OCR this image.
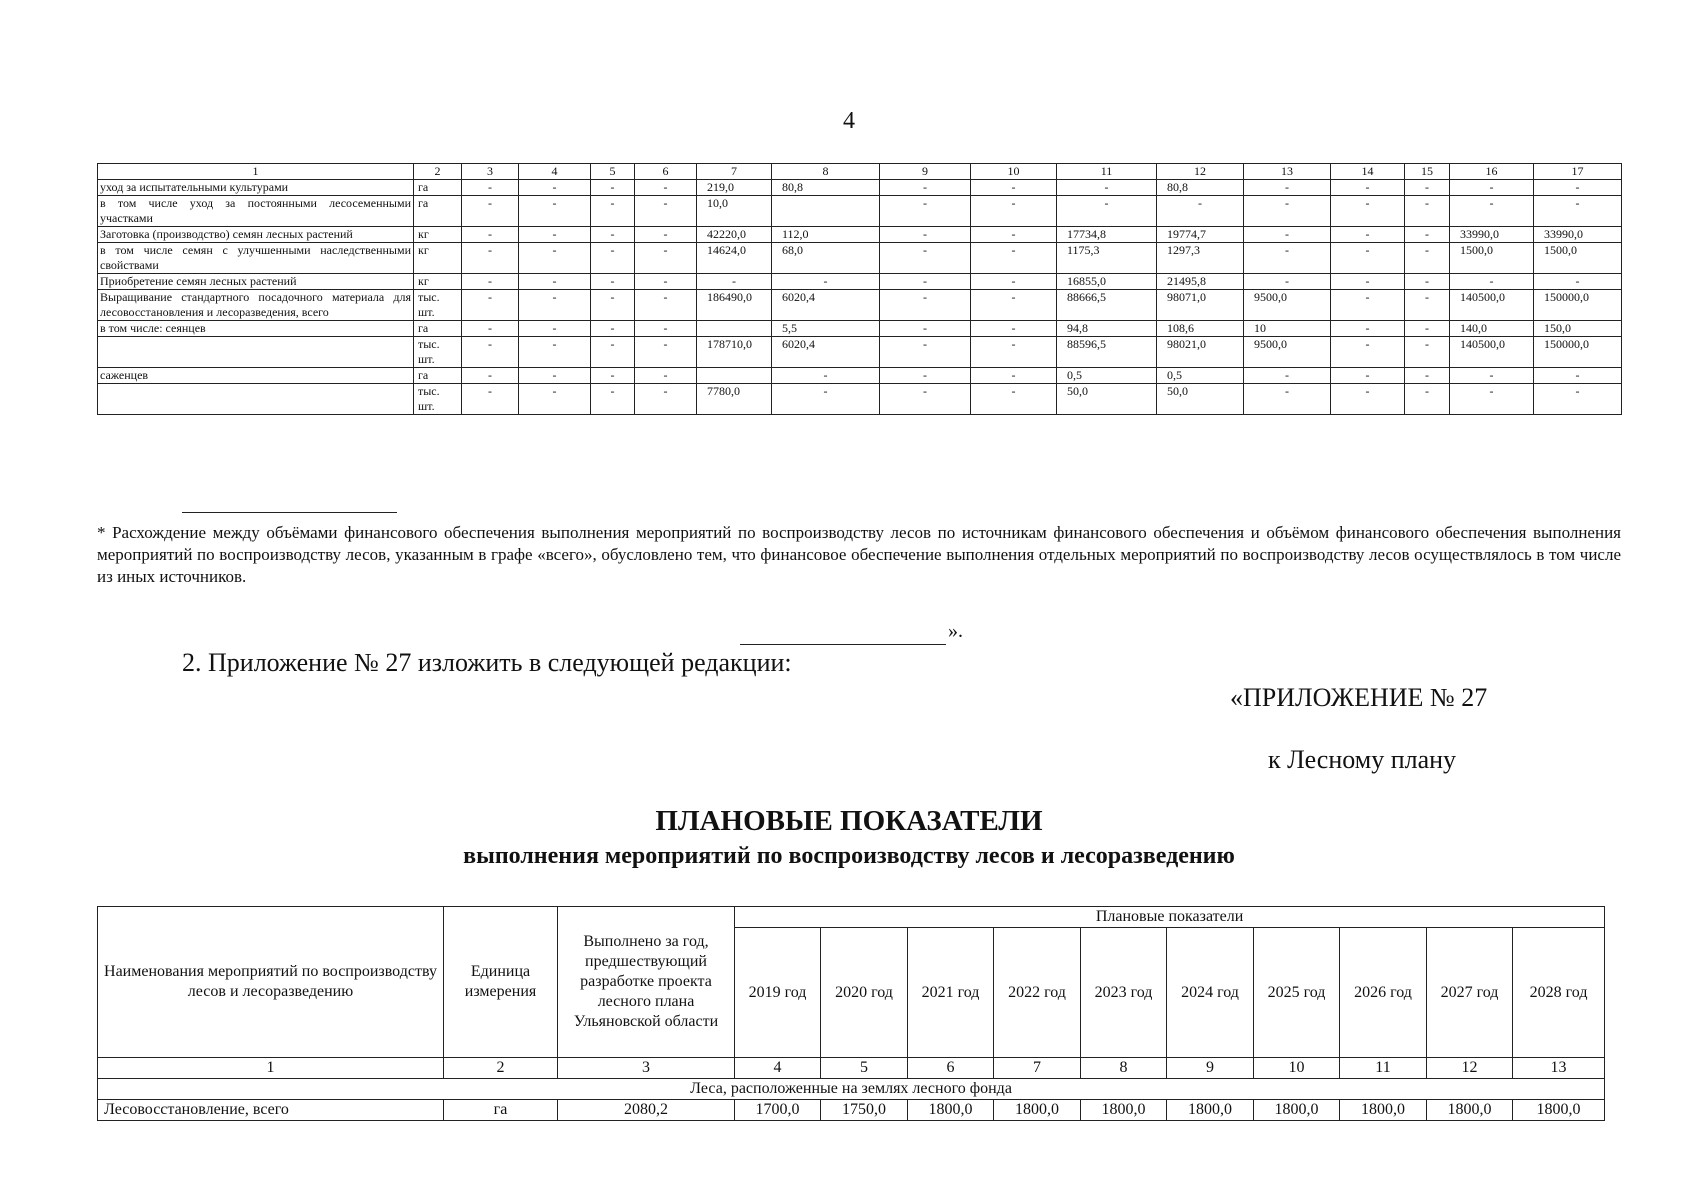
4
1	2	3	4	5	6	7	8	9	10	11	12	13	14	15	16	17
уход за испытательными культурами	га	-	-	-	-	219,0	80,8	-	-	-	80,8	-	-	-	-	-
в том числе уход за постоянными лесосеменными участками	га	-	-	-	-	10,0		-	-	-	-	-	-	-	-	-
Заготовка (производство) семян лесных растений	кг	-	-	-	-	42220,0	112,0	-	-	17734,8	19774,7	-	-	-	33990,0	33990,0
в том числе семян с улучшенными наследственными свойствами	кг	-	-	-	-	14624,0	68,0	-	-	1175,3	1297,3	-	-	-	1500,0	1500,0
Приобретение семян лесных растений	кг	-	-	-	-	-	-	-	-	16855,0	21495,8	-	-	-	-	-
Выращивание стандартного посадочного материала для лесовосстановления и лесоразведения, всего	тыс. шт.	-	-	-	-	186490,0	6020,4	-	-	88666,5	98071,0	9500,0	-	-	140500,0	150000,0
в том числе: сеянцев	га	-	-	-	-		5,5	-	-	94,8	108,6	10	-	-	140,0	150,0
	тыс. шт.	-	-	-	-	178710,0	6020,4	-	-	88596,5	98021,0	9500,0	-	-	140500,0	150000,0
саженцев	га	-	-	-	-		-	-	-	0,5	0,5	-	-	-	-	-
	тыс. шт.	-	-	-	-	7780,0	-	-	-	50,0	50,0	-	-	-	-	-
* Расхождение между объёмами финансового обеспечения выполнения мероприятий по воспроизводству лесов по источникам финансового обеспечения и объёмом финансового обеспечения выполнения мероприятий по воспроизводству лесов, указанным в графе «всего», обусловлено тем, что финансовое обеспечение выполнения отдельных мероприятий по воспроизводству лесов осуществлялось в том числе из иных источников.
».
2. Приложение № 27 изложить в следующей редакции:
«ПРИЛОЖЕНИЕ № 27
к Лесному плану
ПЛАНОВЫЕ ПОКАЗАТЕЛИ
выполнения мероприятий по воспроизводству лесов и лесоразведению
Наименования мероприятий по воспроизводству лесов и лесоразведению	Единица измерения	Выполнено за год, предшествующий разработке проекта лесного плана Ульяновской области	Плановые показатели									
			2019 год	2020 год	2021 год	2022 год	2023 год	2024 год	2025 год	2026 год	2027 год	2028 год
1	2	3	4	5	6	7	8	9	10	11	12	13
Леса, расположенные на землях лесного фонда												
Лесовосстановление, всего	га	2080,2	1700,0	1750,0	1800,0	1800,0	1800,0	1800,0	1800,0	1800,0	1800,0	1800,0
